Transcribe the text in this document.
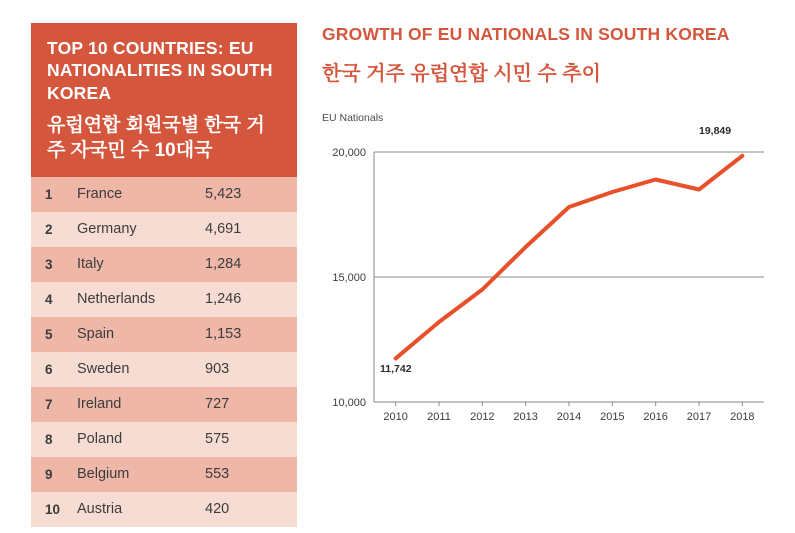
TOP 10 COUNTRIES: EU NATIONALITIES IN SOUTH KOREA
유럽연합 회원국별 한국 거주 자국민 수 10대국
1	France	5,423
2	Germany	4,691
3	Italy	1,284
4	Netherlands	1,246
5	Spain	1,153
6	Sweden	903
7	Ireland	727
8	Poland	575
9	Belgium	553
10	Austria	420
GROWTH OF EU NATIONALS IN SOUTH KOREA
한국 거주 유럽연합 시민 수 추이
EU Nationals
10,000
15,000
20,000
2010 2011 2012 2013 2014 2015 2016 2017 2018
11,742
19,849
